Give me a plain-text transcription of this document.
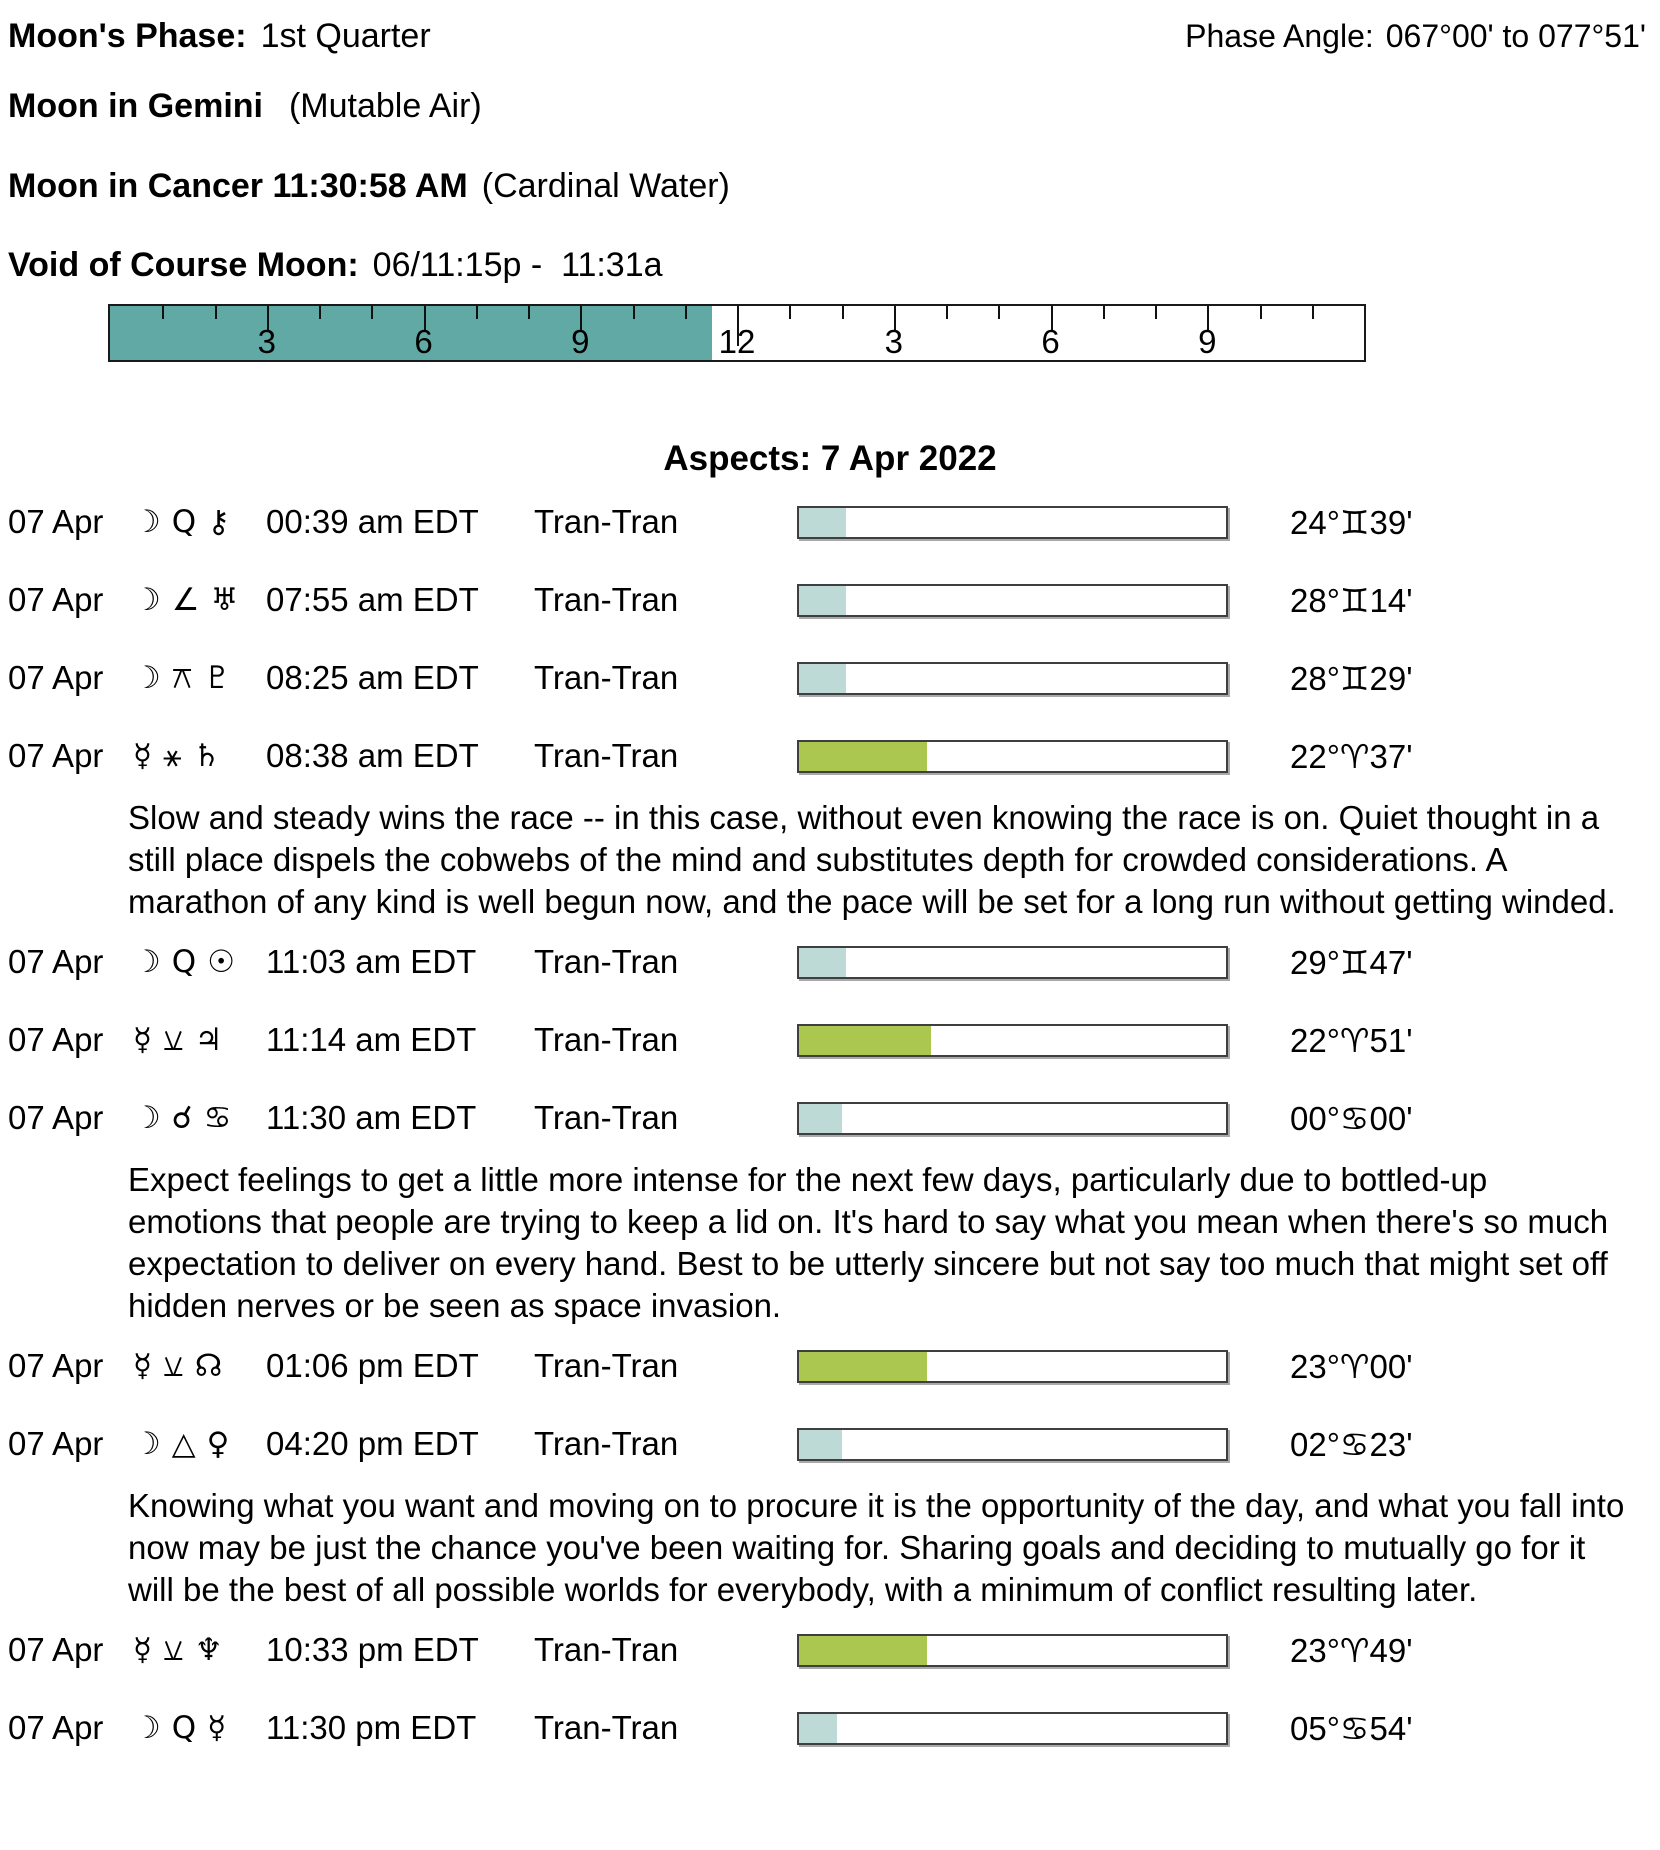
Moon's Phase: 1st Quarter	Phase Angle: 067°00' to 077°51'
Moon in Gemini (Mutable Air)
Moon in Cancer 11:30:58 AM (Cardinal Water)
Void of Course Moon: 06/11:15p -  11:31a
3	6	9	12	3	6	9
Aspects: 7 Apr 2022
07 Apr ☽ Q ⚷ 00:39 am EDT	Tran-Tran	24°♊39'
07 Apr ☽ ∠ ♅ 07:55 am EDT	Tran-Tran	28°♊14'
07 Apr ☽ ⚻ ♇ 08:25 am EDT	Tran-Tran	28°♊29'
07 Apr ☿ ⚹ ♄ 08:38 am EDT	Tran-Tran	22°♈37'
Slow and steady wins the race -- in this case, without even knowing the race is on. Quiet thought in a still place dispels the cobwebs of the mind and substitutes depth for crowded considerations. A marathon of any kind is well begun now, and the pace will be set for a long run without getting winded.
07 Apr ☽ Q ☉ 11:03 am EDT	Tran-Tran	29°♊47'
07 Apr ☿ ⚺ ♃ 11:14 am EDT	Tran-Tran	22°♈51'
07 Apr ☽ ☌ ♋ 11:30 am EDT	Tran-Tran	00°♋00'
Expect feelings to get a little more intense for the next few days, particularly due to bottled-up emotions that people are trying to keep a lid on. It's hard to say what you mean when there's so much expectation to deliver on every hand. Best to be utterly sincere but not say too much that might set off hidden nerves or be seen as space invasion.
07 Apr ☿ ⚺ ☊ 01:06 pm EDT	Tran-Tran	23°♈00'
07 Apr ☽ △ ♀ 04:20 pm EDT	Tran-Tran	02°♋23'
Knowing what you want and moving on to procure it is the opportunity of the day, and what you fall into now may be just the chance you've been waiting for. Sharing goals and deciding to mutually go for it will be the best of all possible worlds for everybody, with a minimum of conflict resulting later.
07 Apr ☿ ⚺ ♆ 10:33 pm EDT	Tran-Tran	23°♈49'
07 Apr ☽ Q ☿ 11:30 pm EDT	Tran-Tran	05°♋54'
